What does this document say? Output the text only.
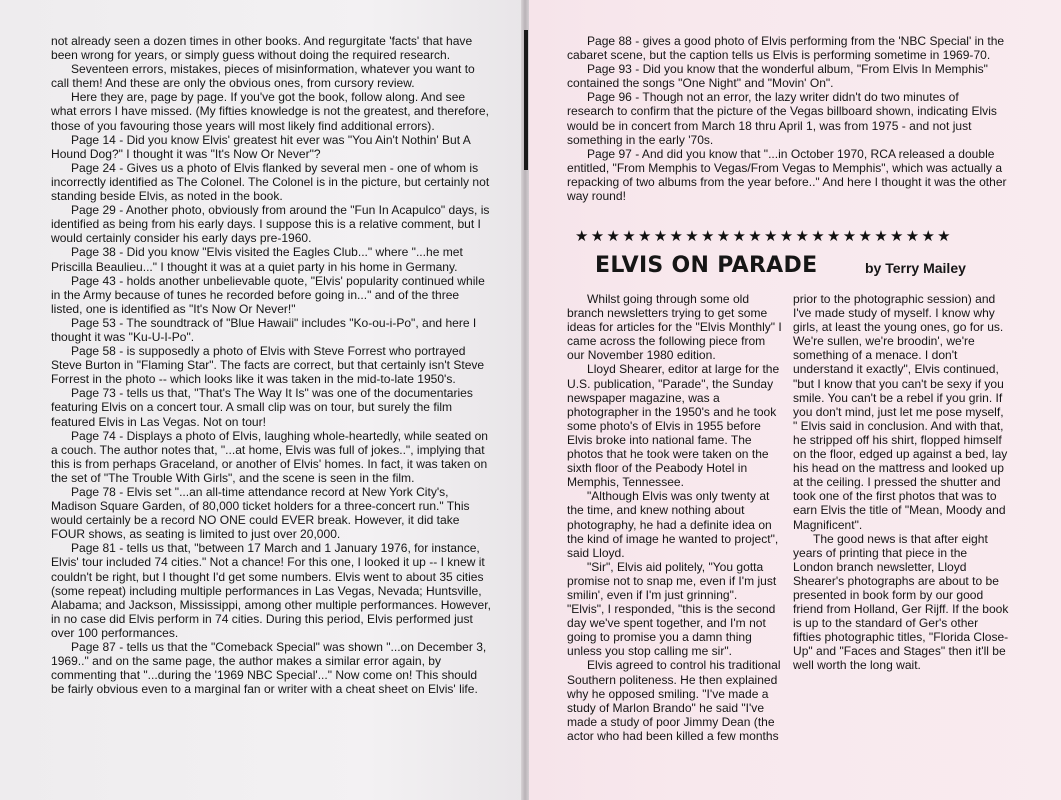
not already seen a dozen times in other books. And regurgitate 'facts' that have been wrong for years, or simply guess without doing the required research.

Seventeen errors, mistakes, pieces of misinformation, whatever you want to call them! And these are only the obvious ones, from cursory review.

Here they are, page by page. If you've got the book, follow along. And see what errors I have missed. (My fifties knowledge is not the greatest, and therefore, those of you favouring those years will most likely find additional errors).

Page 14 - Did you know Elvis' greatest hit ever was "You Ain't Nothin' But A Hound Dog?" I thought it was "It's Now Or Never"?

Page 24 - Gives us a photo of Elvis flanked by several men - one of whom is incorrectly identified as The Colonel. The Colonel is in the picture, but certainly not standing beside Elvis, as noted in the book.

Page 29 - Another photo, obviously from around the "Fun In Acapulco" days, is identified as being from his early days. I suppose this is a relative comment, but I would certainly consider his early days pre-1960.

Page 38 - Did you know "Elvis visited the Eagles Club..." where "...he met Priscilla Beaulieu..." I thought it was at a quiet party in his home in Germany.

Page 43 - holds another unbelievable quote, "Elvis' popularity continued while in the Army because of tunes he recorded before going in..." and of the three listed, one is identified as "It's Now Or Never!"

Page 53 - The soundtrack of "Blue Hawaii" includes "Ko-ou-i-Po", and here I thought it was "Ku-U-I-Po".

Page 58 - is supposedly a photo of Elvis with Steve Forrest who portrayed Steve Burton in "Flaming Star". The facts are correct, but that certainly isn't Steve Forrest in the photo -- which looks like it was taken in the mid-to-late 1950's.

Page 73 - tells us that, "That's The Way It Is" was one of the documentaries featuring Elvis on a concert tour. A small clip was on tour, but surely the film featured Elvis in Las Vegas. Not on tour!

Page 74 - Displays a photo of Elvis, laughing whole-heartedly, while seated on a couch. The author notes that, "...at home, Elvis was full of jokes..", implying that this is from perhaps Graceland, or another of Elvis' homes. In fact, it was taken on the set of "The Trouble With Girls", and the scene is seen in the film.

Page 78 - Elvis set "...an all-time attendance record at New York City's, Madison Square Garden, of 80,000 ticket holders for a three-concert run." This would certainly be a record NO ONE could EVER break. However, it did take FOUR shows, as seating is limited to just over 20,000.

Page 81 - tells us that, "between 17 March and 1 January 1976, for instance, Elvis' tour included 74 cities." Not a chance! For this one, I looked it up -- I knew it couldn't be right, but I thought I'd get some numbers. Elvis went to about 35 cities (some repeat) including multiple performances in Las Vegas, Nevada; Huntsville, Alabama; and Jackson, Mississippi, among other multiple performances. However, in no case did Elvis perform in 74 cities. During this period, Elvis performed just over 100 performances.

Page 87 - tells us that the "Comeback Special" was shown "...on December 3, 1969.." and on the same page, the author makes a similar error again, by commenting that "...during the '1969 NBC Special'..." Now come on! This should be fairly obvious even to a marginal fan or writer with a cheat sheet on Elvis' life.

Page 88 - gives a good photo of Elvis performing from the 'NBC Special' in the cabaret scene, but the caption tells us Elvis is performing sometime in 1969-70.

Page 93 - Did you know that the wonderful album, "From Elvis In Memphis" contained the songs "One Night" and "Movin' On".

Page 96 - Though not an error, the lazy writer didn't do two minutes of research to confirm that the picture of the Vegas billboard shown, indicating Elvis would be in concert from March 18 thru April 1, was from 1975 - and not just something in the early '70s.

Page 97 - And did you know that "...in October 1970, RCA released a double entitled, "From Memphis to Vegas/From Vegas to Memphis", which was actually a repacking of two albums from the year before.." And here I thought it was the other way round!

★★★★★★★★★★★★★★★★★★★★★★★★
ELVIS ON PARADE	by Terry Mailey

Whilst going through some old branch newsletters trying to get some ideas for articles for the "Elvis Monthly" I came across the following piece from our November 1980 edition.

Lloyd Shearer, editor at large for the U.S. publication, "Parade", the Sunday newspaper magazine, was a photographer in the 1950's and he took some photo's of Elvis in 1955 before Elvis broke into national fame. The photos that he took were taken on the sixth floor of the Peabody Hotel in Memphis, Tennessee.

"Although Elvis was only twenty at the time, and knew nothing about photography, he had a definite idea on the kind of image he wanted to project", said Lloyd.

"Sir", Elvis aid politely, "You gotta promise not to snap me, even if I'm just smilin', even if I'm just grinning".

"Elvis", I responded, "this is the second day we've spent together, and I'm not going to promise you a damn thing unless you stop calling me sir".

Elvis agreed to control his traditional Southern politeness. He then explained why he opposed smiling. "I've made a study of Marlon Brando" he said "I've made a study of poor Jimmy Dean (the actor who had been killed a few months prior to the photographic session) and I've made study of myself. I know why girls, at least the young ones, go for us. We're sullen, we're broodin', we're something of a menace. I don't understand it exactly", Elvis continued, "but I know that you can't be sexy if you smile. You can't be a rebel if you grin. If you don't mind, just let me pose myself, " Elvis said in conclusion. And with that, he stripped off his shirt, flopped himself on the floor, edged up against a bed, lay his head on the mattress and looked up at the ceiling. I pressed the shutter and took one of the first photos that was to earn Elvis the title of "Mean, Moody and Magnificent".

The good news is that after eight years of printing that piece in the London branch newsletter, Lloyd Shearer's photographs are about to be presented in book form by our good friend from Holland, Ger Rijff. If the book is up to the standard of Ger's other fifties photographic titles, "Florida Close-Up" and "Faces and Stages" then it'll be well worth the long wait.
